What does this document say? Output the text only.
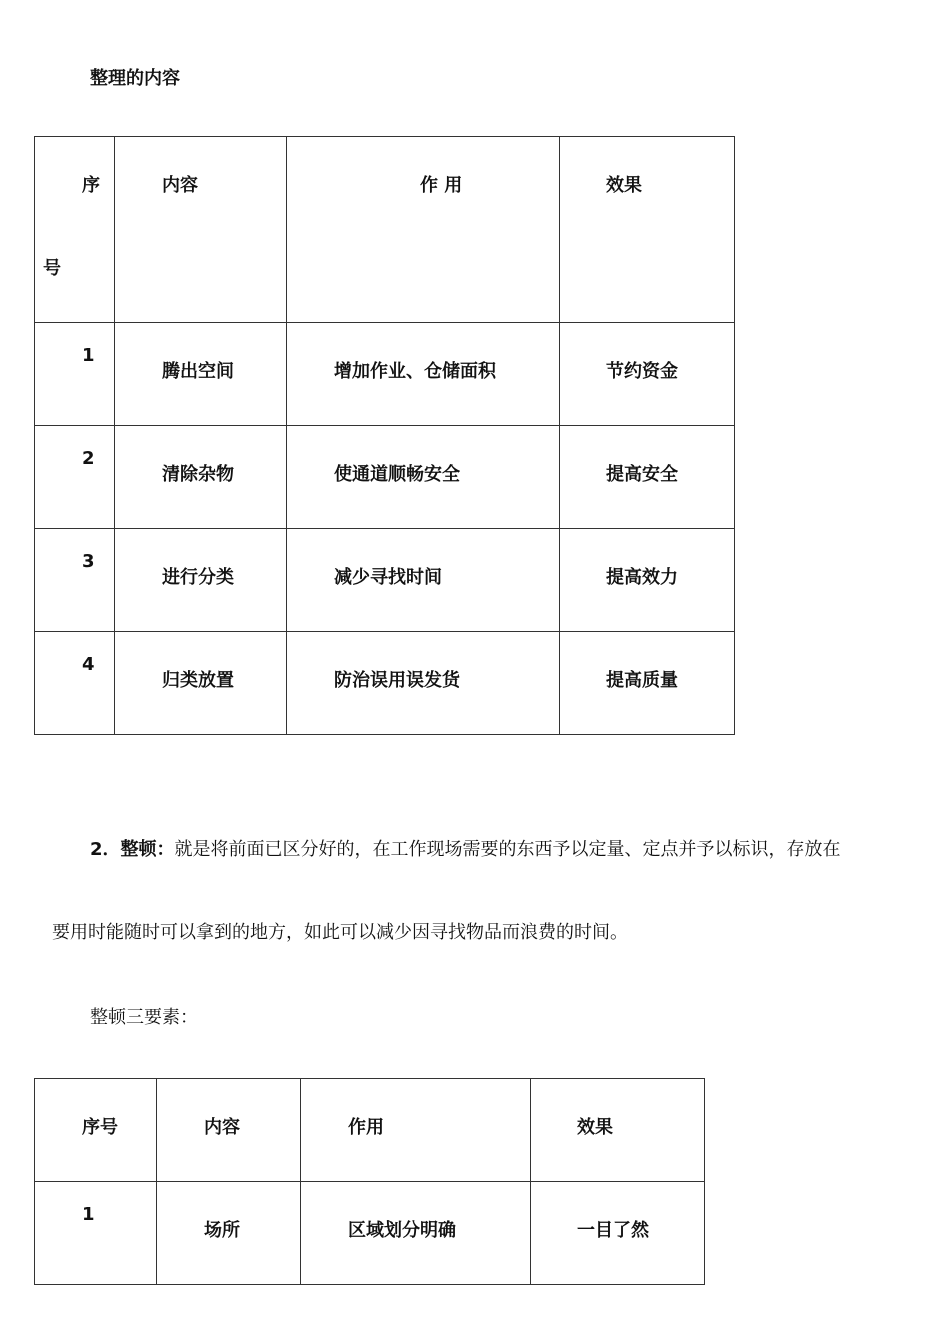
整理的内容
序
号	内容	作 用	效果

1	腾出空间	增加作业、仓储面积	节约资金

2	清除杂物	使通道顺畅安全	提高安全

3	进行分类	减少寻找时间	提高效力

4	归类放置	防治误用误发货	提高质量
2．整顿：就是将前面已区分好的，在工作现场需要的东西予以定量、定点并予以标识，存放在
要用时能随时可以拿到的地方，如此可以减少因寻找物品而浪费的时间。
整顿三要素：
序号	内容	作用	效果

1	场所	区域划分明确	一目了然
